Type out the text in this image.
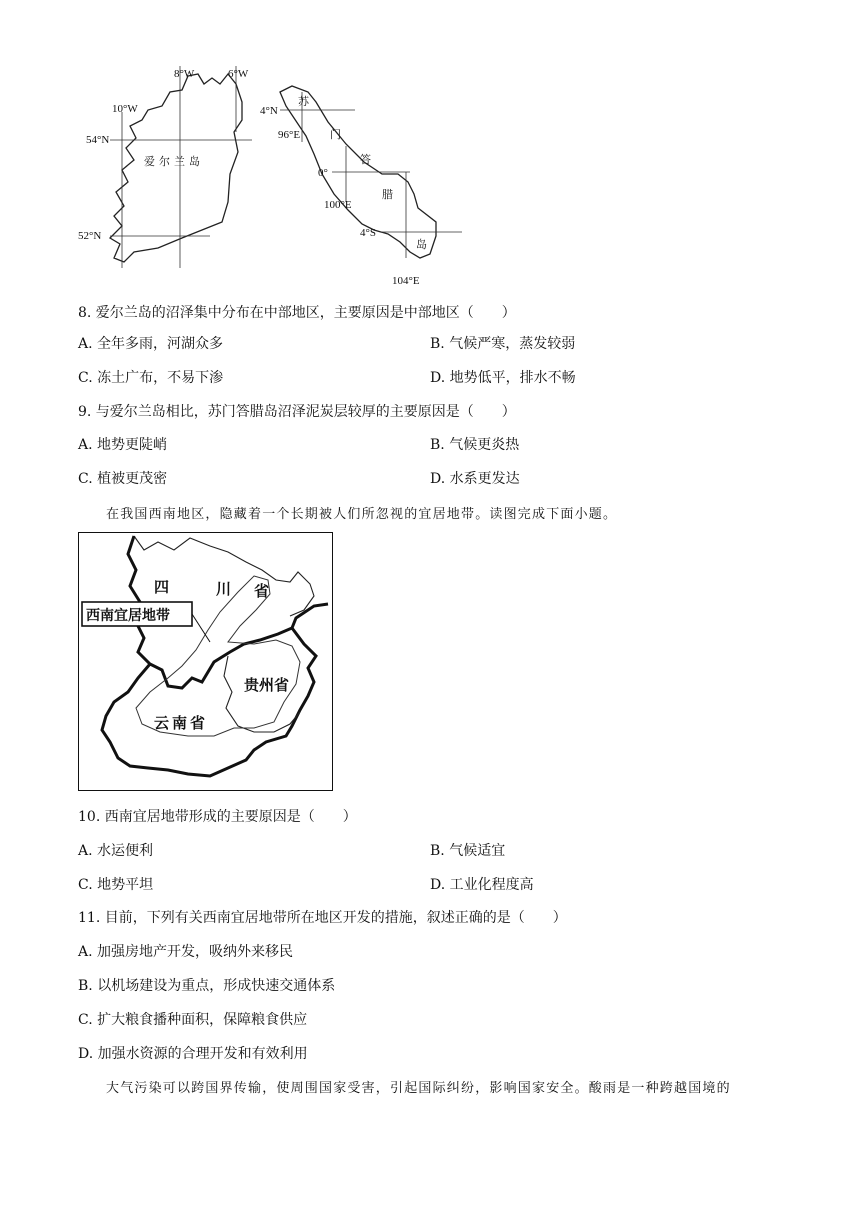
8°W	6°W
10°W
54°N
52°N
爱尔兰岛
4°N
96°E
0°
100°E
4°S
104°E
苏
门
答
腊
岛
8. 爱尔兰岛的沼泽集中分布在中部地区，主要原因是中部地区（　　）
A. 全年多雨，河湖众多	B. 气候严寒，蒸发较弱
C. 冻土广布，不易下渗	D. 地势低平，排水不畅
9. 与爱尔兰岛相比，苏门答腊岛沼泽泥炭层较厚的主要原因是（　　）
A. 地势更陡峭	B. 气候更炎热
C. 植被更茂密	D. 水系更发达
在我国西南地区，隐藏着一个长期被人们所忽视的宜居地带。读图完成下面小题。
西南宜居地带
四	川 省
贵州省
云南省
10. 西南宜居地带形成的主要原因是（　　）
A. 水运便利	B. 气候适宜
C. 地势平坦	D. 工业化程度高
11. 目前，下列有关西南宜居地带所在地区开发的措施，叙述正确的是（　　）
A. 加强房地产开发，吸纳外来移民
B. 以机场建设为重点，形成快速交通体系
C. 扩大粮食播种面积，保障粮食供应
D. 加强水资源的合理开发和有效利用
大气污染可以跨国界传输，使周围国家受害，引起国际纠纷，影响国家安全。酸雨是一种跨越国境的
